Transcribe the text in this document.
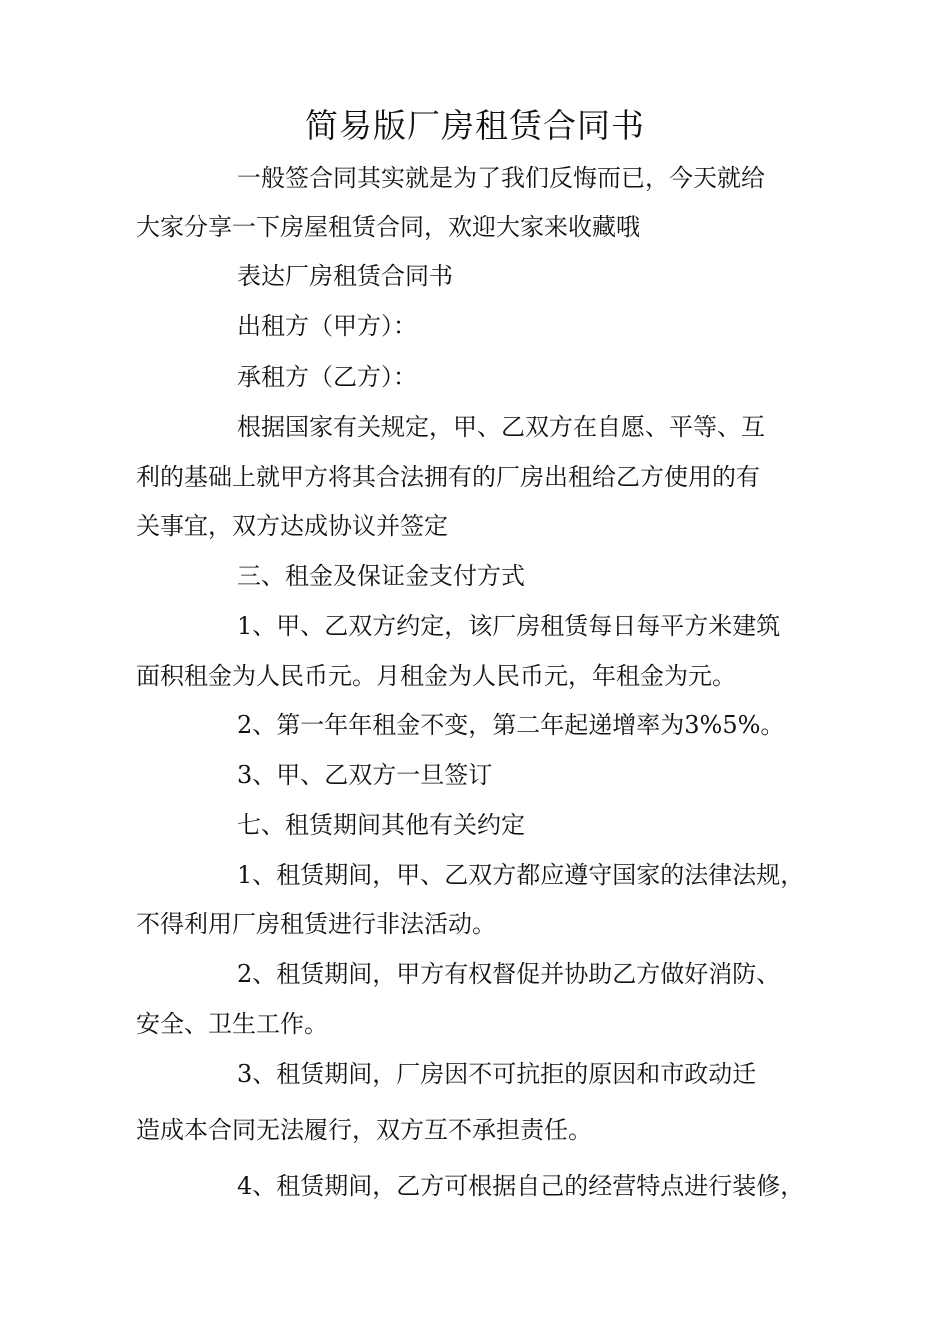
简易版厂房租赁合同书
一般签合同其实就是为了我们反悔而已，今天就给
大家分享一下房屋租赁合同，欢迎大家来收藏哦
表达厂房租赁合同书
出租方（甲方）：
承租方（乙方）：
根据国家有关规定，甲、乙双方在自愿、平等、互
利的基础上就甲方将其合法拥有的厂房出租给乙方使用的有
关事宜，双方达成协议并签定
三、租金及保证金支付方式
1、甲、乙双方约定，该厂房租赁每日每平方米建筑
面积租金为人民币元。月租金为人民币元，年租金为元。
2、第一年年租金不变，第二年起递增率为3%5%。
3、甲、乙双方一旦签订
七、租赁期间其他有关约定
1、租赁期间，甲、乙双方都应遵守国家的法律法规，
不得利用厂房租赁进行非法活动。
2、租赁期间，甲方有权督促并协助乙方做好消防、
安全、卫生工作。
3、租赁期间，厂房因不可抗拒的原因和市政动迁
造成本合同无法履行，双方互不承担责任。
4、租赁期间，乙方可根据自己的经营特点进行装修，
